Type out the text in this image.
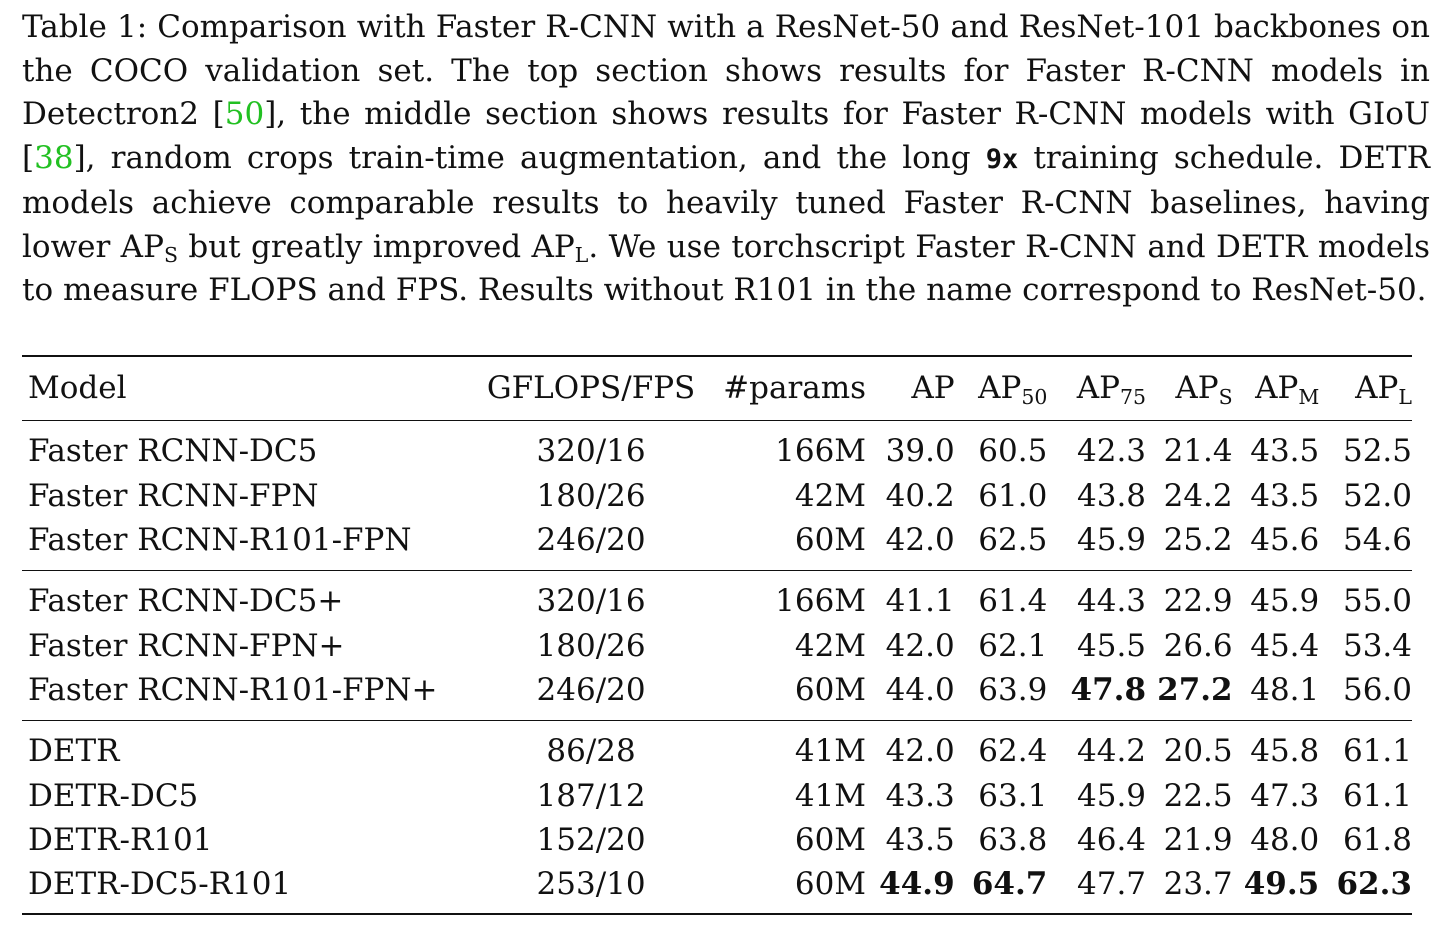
Table 1: Comparison with Faster R-CNN with a ResNet-50 and ResNet-101 backbones on the COCO validation set. The top section shows results for Faster R-CNN models in Detectron2 [50], the middle section shows results for Faster R-CNN models with GIoU [38], random crops train-time augmentation, and the long 9x training schedule. DETR models achieve comparable results to heavily tuned Faster R-CNN baselines, having lower APS but greatly improved APL. We use torchscript Faster R-CNN and DETR models to measure FLOPS and FPS. Results without R101 in the name correspond to ResNet-50.

Model	GFLOPS/FPS	#params	AP	AP50	AP75	APS	APM	APL
Faster RCNN-DC5	320/16	166M	39.0	60.5	42.3	21.4	43.5	52.5
Faster RCNN-FPN	180/26	42M	40.2	61.0	43.8	24.2	43.5	52.0
Faster RCNN-R101-FPN	246/20	60M	42.0	62.5	45.9	25.2	45.6	54.6
Faster RCNN-DC5+	320/16	166M	41.1	61.4	44.3	22.9	45.9	55.0
Faster RCNN-FPN+	180/26	42M	42.0	62.1	45.5	26.6	45.4	53.4
Faster RCNN-R101-FPN+	246/20	60M	44.0	63.9	47.8	27.2	48.1	56.0
DETR	86/28	41M	42.0	62.4	44.2	20.5	45.8	61.1
DETR-DC5	187/12	41M	43.3	63.1	45.9	22.5	47.3	61.1
DETR-R101	152/20	60M	43.5	63.8	46.4	21.9	48.0	61.8
DETR-DC5-R101	253/10	60M	44.9	64.7	47.7	23.7	49.5	62.3
